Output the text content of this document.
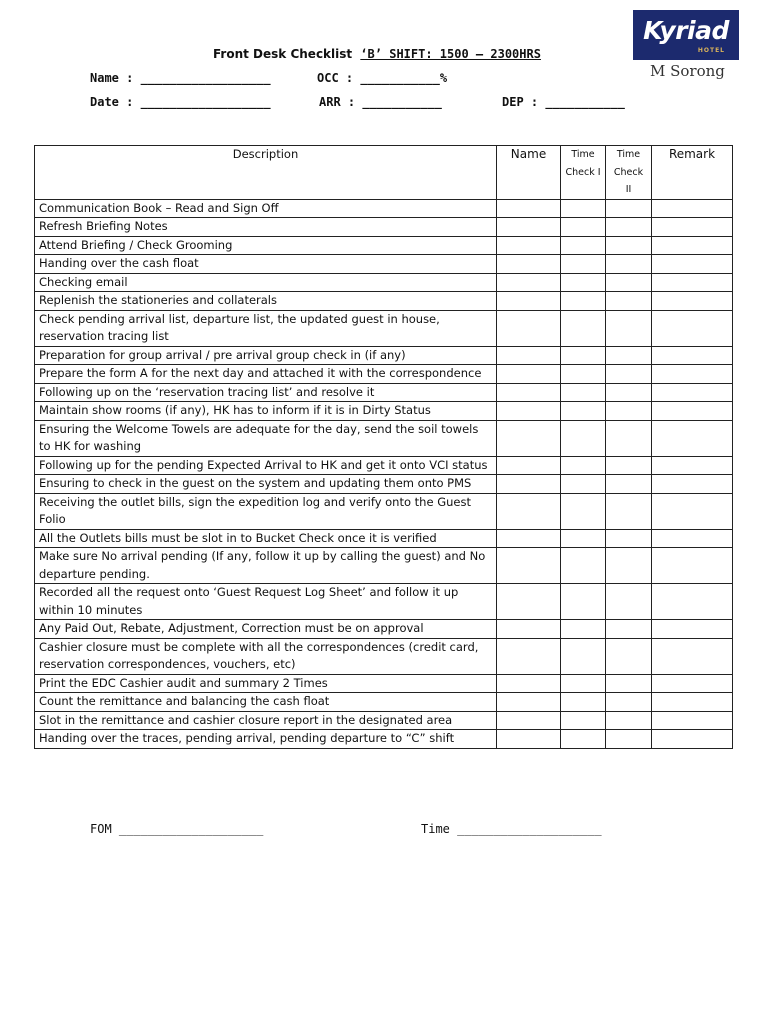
Front Desk Checklist ‘B’ SHIFT: 1500 – 2300HRS
Name : __________________	OCC : ___________%
Date : __________________	ARR : ___________	DEP : ___________
Kyriad
HOTEL
M Sorong
Description	Name	Time Check I	Time Check II	Remark
Communication Book – Read and Sign Off				
Refresh Briefing Notes				
Attend Briefing / Check Grooming				
Handing over the cash float				
Checking email				
Replenish the stationeries and collaterals				
Check pending arrival list, departure list, the updated guest in house, reservation tracing list				
Preparation for group arrival / pre arrival group check in (if any)				
Prepare the form A for the next day and attached it with the correspondence				
Following up on the ‘reservation tracing list’ and resolve it				
Maintain show rooms (if any), HK has to inform if it is in Dirty Status				
Ensuring the Welcome Towels are adequate for the day, send the soil towels to HK for washing				
Following up for the pending Expected Arrival to HK and get it onto VCI status				
Ensuring to check in the guest on the system and updating them onto PMS				
Receiving the outlet bills, sign the expedition log and verify onto the Guest Folio				
All the Outlets bills must be slot in to Bucket Check once it is verified				
Make sure No arrival pending (If any, follow it up by calling the guest) and No departure pending.				
Recorded all the request onto ‘Guest Request Log Sheet’ and follow it up within 10 minutes				
Any Paid Out, Rebate, Adjustment, Correction must be on approval				
Cashier closure must be complete with all the correspondences (credit card, reservation correspondences, vouchers, etc)				
Print the EDC Cashier audit and summary 2 Times				
Count the remittance and balancing the cash float				
Slot in the remittance and cashier closure report in the designated area				
Handing over the traces, pending arrival, pending departure to “C” shift				
FOM ____________________	Time ____________________
